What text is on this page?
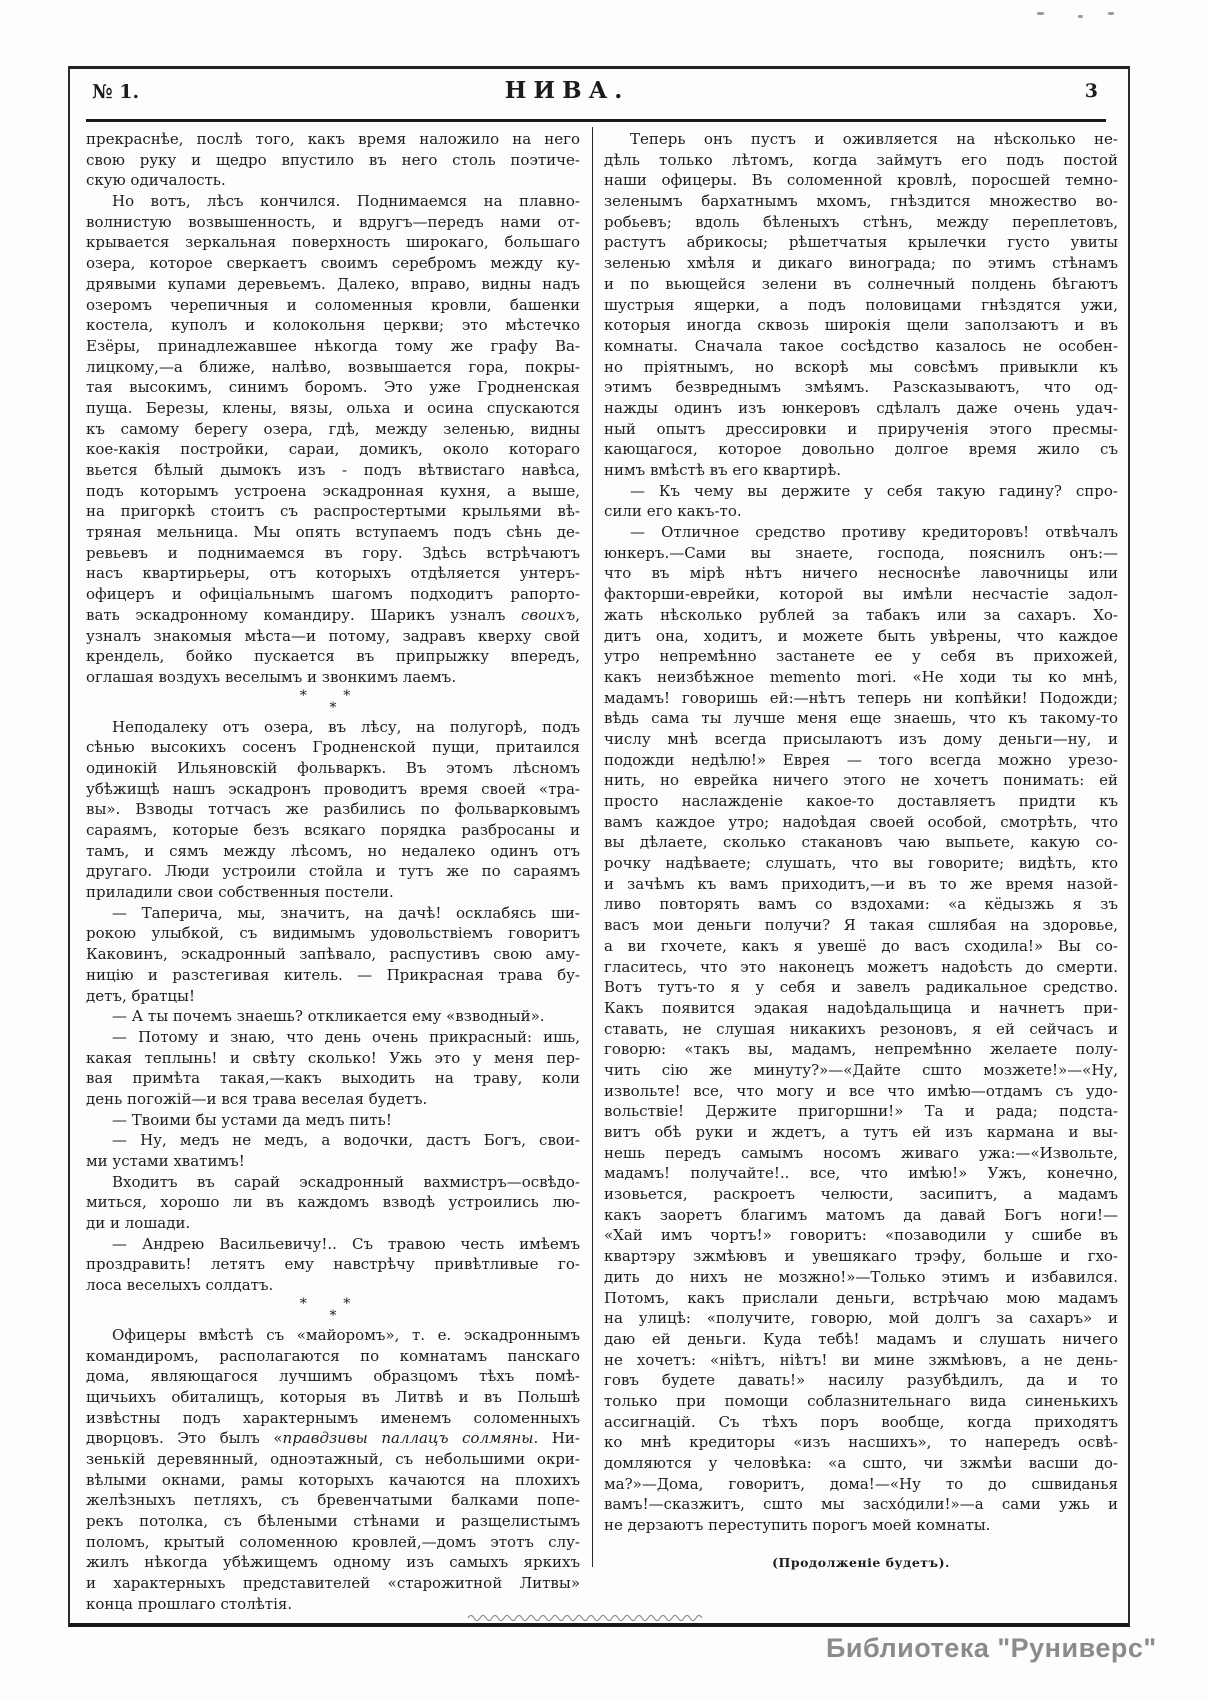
№ 1.	НИВА.	3
прекраснѣе, послѣ того, какъ время наложило на него
свою руку и щедро впустило въ него столь поэтиче-
скую одичалость.
Но вотъ, лѣсъ кончился. Поднимаемся на плавно-
волнистую возвышенность, и вдругъ—передъ нами от-
крывается зеркальная поверхность широкаго, большаго
озера, которое сверкаетъ своимъ серебромъ между ку-
дрявыми купами деревьемъ. Далеко, вправо, видны надъ
озеромъ черепичныя и соломенныя кровли, башенки
костела, куполъ и колокольня церкви; это мѣстечко
Езёры, принадлежавшее нѣкогда тому же графу Ва-
лицкому,—а ближе, налѣво, возвышается гора, покры-
тая высокимъ, синимъ боромъ. Это уже Гродненская
пуща. Березы, клены, вязы, ольха и осина спускаются
къ самому берегу озера, гдѣ, между зеленью, видны
кое-какія постройки, сараи, домикъ, около котораго
вьется бѣлый дымокъ изъ - подъ вѣтвистаго навѣса,
подъ которымъ устроена эскадронная кухня, а выше,
на пригоркѣ стоитъ съ распростертыми крыльями вѣ-
тряная мельница. Мы опять вступаемъ подъ сѣнь де-
ревьевъ и поднимаемся въ гору. Здѣсь встрѣчаютъ
насъ квартирьеры, отъ которыхъ отдѣляется унтеръ-
офицеръ и офиціальнымъ шагомъ подходитъ рапорто-
вать эскадронному командиру. Шарикъ узналъ своихъ,
узналъ знакомыя мѣста—и потому, задравъ кверху свой
крендель, бойко пускается въ припрыжку впередъ,
оглашая воздухъ веселымъ и звонкимъ лаемъ.
* *
*
Неподалеку отъ озера, въ лѣсу, на полугорѣ, подъ
сѣнью высокихъ сосенъ Гродненской пущи, притаился
одинокій Ильяновскій фольваркъ. Въ этомъ лѣсномъ
убѣжищѣ нашъ эскадронъ проводитъ время своей «тра-
вы». Взводы тотчасъ же разбились по фольварковымъ
сараямъ, которые безъ всякаго порядка разбросаны и
тамъ, и сямъ между лѣсомъ, но недалеко одинъ отъ
другаго. Люди устроили стойла и тутъ же по сараямъ
приладили свои собственныя постели.
— Таперича, мы, значитъ, на дачѣ! осклабясь ши-
рокою улыбкой, съ видимымъ удовольствіемъ говоритъ
Каковинъ, эскадронный запѣвало, распустивъ свою аму-
ницію и разстегивая китель. — Прикрасная трава бу-
детъ, братцы!
— А ты почемъ знаешь? откликается ему «взводный».
— Потому и знаю, что день очень прикрасный: ишь,
какая теплынь! и свѣту сколько! Ужь это у меня пер-
вая примѣта такая,—какъ выходить на траву, коли
день погожій—и вся трава веселая будетъ.
— Твоими бы устами да медъ пить!
— Ну, медъ не медъ, а водочки, дастъ Богъ, свои-
ми устами хватимъ!
Входитъ въ сарай эскадронный вахмистръ—освѣдо-
миться, хорошо ли въ каждомъ взводѣ устроились лю-
ди и лошади.
— Андрею Васильевичу!.. Съ травою честь имѣемъ
проздравить! летятъ ему навстрѣчу привѣтливые го-
лоса веселыхъ солдатъ.
* *
*
Офицеры вмѣстѣ съ «майоромъ», т. е. эскадроннымъ
командиромъ, располагаются по комнатамъ панскаго
дома, являющагося лучшимъ образцомъ тѣхъ помѣ-
щичьихъ обиталищъ, которыя въ Литвѣ и въ Польшѣ
извѣстны подъ характернымъ именемъ соломенныхъ
дворцовъ. Это былъ «правдзивы паллацъ солмяны. Ни-
зенькій деревянный, одноэтажный, съ небольшими окри-
вѣлыми окнами, рамы которыхъ качаются на плохихъ
желѣзныхъ петляхъ, съ бревенчатыми балками попе-
рекъ потолка, съ бѣлеными стѣнами и разщелистымъ
поломъ, крытый соломенною кровлей,—домъ этотъ слу-
жилъ нѣкогда убѣжищемъ одному изъ самыхъ яркихъ
и характерныхъ представителей «старожитной Литвы»
конца прошлаго столѣтія.
Теперь онъ пустъ и оживляется на нѣсколько не-
дѣль только лѣтомъ, когда займутъ его подъ постой
наши офицеры. Въ соломенной кровлѣ, поросшей темно-
зеленымъ бархатнымъ мхомъ, гнѣздится множество во-
робьевъ; вдоль бѣленыхъ стѣнъ, между переплетовъ,
растутъ абрикосы; рѣшетчатыя крылечки густо увиты
зеленью хмѣля и дикаго винограда; по этимъ стѣнамъ
и по вьющейся зелени въ солнечный полдень бѣгаютъ
шустрыя ящерки, а подъ половицами гнѣздятся ужи,
которыя иногда сквозь широкія щели заползаютъ и въ
комнаты. Сначала такое сосѣдство казалось не особен-
но пріятнымъ, но вскорѣ мы совсѣмъ привыкли къ
этимъ безвреднымъ змѣямъ. Разсказываютъ, что од-
нажды одинъ изъ юнкеровъ сдѣлалъ даже очень удач-
ный опытъ дрессировки и прирученія этого пресмы-
кающагося, которое довольно долгое время жило съ
нимъ вмѣстѣ въ его квартирѣ.
— Къ чему вы держите у себя такую гадину? спро-
сили его какъ-то.
— Отличное средство противу кредиторовъ! отвѣчалъ
юнкеръ.—Сами вы знаете, господа, пояснилъ онъ:—
что въ мірѣ нѣтъ ничего несноснѣе лавочницы или
факторши-еврейки, которой вы имѣли несчастіе задол-
жать нѣсколько рублей за табакъ или за сахаръ. Хо-
дитъ она, ходитъ, и можете быть увѣрены, что каждое
утро непремѣнно застанете ее у себя въ прихожей,
какъ неизбѣжное memento mori. «Не ходи ты ко мнѣ,
мадамъ! говоришь ей:—нѣтъ теперь ни копѣйки! Подожди;
вѣдь сама ты лучше меня еще знаешь, что къ такому-то
числу мнѣ всегда присылаютъ изъ дому деньги—ну, и
подожди недѣлю!» Еврея — того всегда можно урезо-
нить, но еврейка ничего этого не хочетъ понимать: ей
просто наслажденіе какое-то доставляетъ придти къ
вамъ каждое утро; надоѣдая своей особой, смотрѣть, что
вы дѣлаете, сколько стакановъ чаю выпьете, какую со-
рочку надѣваете; слушать, что вы говорите; видѣть, кто
и зачѣмъ къ вамъ приходитъ,—и въ то же время назой-
ливо повторять вамъ со вздохами: «а кёдызжь я зъ
васъ мои деньги получи? Я такая сшлябая на здоровье,
а ви гхочете, какъ я увешё до васъ сходила!» Вы со-
гласитесь, что это наконецъ можетъ надоѣсть до смерти.
Вотъ тутъ-то я у себя и завелъ радикальное средство.
Какъ появится эдакая надоѣдальщица и начнетъ при-
ставать, не слушая никакихъ резоновъ, я ей сейчасъ и
говорю: «такъ вы, мадамъ, непремѣнно желаете полу-
чить сію же минуту?»—«Дайте сшто мозжете!»—«Ну,
извольте! все, что могу и все что имѣю—отдамъ съ удо-
вольствіе! Держите пригоршни!» Та и рада; подста-
витъ обѣ руки и ждетъ, а тутъ ей изъ кармана и вы-
нешь передъ самымъ носомъ живаго ужа:—«Извольте,
мадамъ! получайте!.. все, что имѣю!» Ужъ, конечно,
изовьется, раскроетъ челюсти, засипитъ, а мадамъ
какъ заоретъ благимъ матомъ да давай Богъ ноги!—
«Хай имъ чортъ!» говоритъ: «позаводили у сшибе въ
квартэру зжмѣювъ и увешякаго трэфу, больше и гхо-
дить до нихъ не мозжно!»—Только этимъ и избавился.
Потомъ, какъ прислали деньги, встрѣчаю мою мадамъ
на улицѣ: «получите, говорю, мой долгъ за сахаръ» и
даю ей деньги. Куда тебѣ! мадамъ и слушать ничего
не хочетъ: «ніѣтъ, ніѣтъ! ви мине зжмѣювъ, а не день-
говъ будете давать!» насилу разубѣдилъ, да и то
только при помощи соблазнительнаго вида синенькихъ
ассигнацій. Съ тѣхъ поръ вообще, когда приходятъ
ко мнѣ кредиторы «изъ насшихъ», то напередъ освѣ-
домляются у человѣка: «а сшто, чи зжмѣи васши до-
ма?»—Дома, говоритъ, дома!—«Ну то до сшвиданья
вамъ!—сказжитъ, сшто мы засхо́дили!»—а сами ужь и
не дерзаютъ переступить порогъ моей комнаты.
(Продолженіе будетъ).
Библиотека "Руниверс"
